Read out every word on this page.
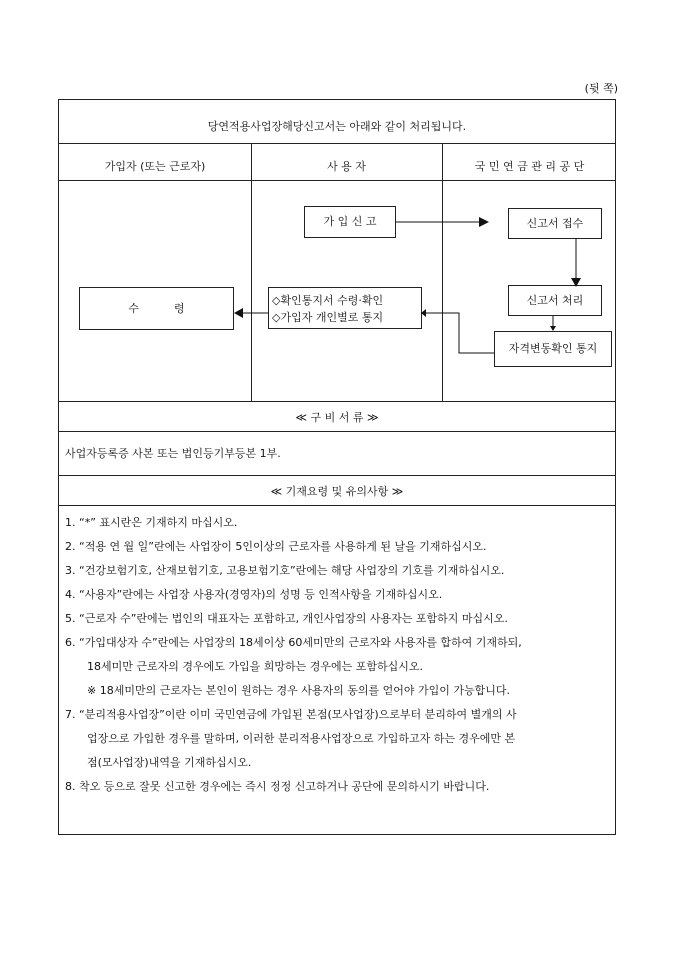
(뒷 쪽)
당연적용사업장해당신고서는 아래와 같이 처리됩니다.
가입자 (또는 근로자)	사 용 자	국 민 연 금 관 리 공 단
가 입 신 고	신고서 접수
신고서 처리
자격변동확인 통지
◇확인통지서 수령·확인
◇가입자 개인별로 통지
수          령
≪ 구 비 서 류 ≫
사업자등록증 사본 또는 법인등기부등본 1부.
≪ 기재요령 및 유의사항 ≫
1. “*” 표시란은 기재하지 마십시오.
2. “적용 연 월 일”란에는 사업장이 5인이상의 근로자를 사용하게 된 날을 기재하십시오.
3. “건강보험기호, 산재보험기호, 고용보험기호”란에는 해당 사업장의 기호를 기재하십시오.
4. “사용자”란에는 사업장 사용자(경영자)의 성명 등 인적사항을 기재하십시오.
5. “근로자 수”란에는 법인의 대표자는 포함하고, 개인사업장의 사용자는 포함하지 마십시오.
6. “가입대상자 수”란에는 사업장의 18세이상 60세미만의 근로자와 사용자를 합하여 기재하되,
18세미만 근로자의 경우에도 가입을 희망하는 경우에는 포함하십시오.
※ 18세미만의 근로자는 본인이 원하는 경우 사용자의 동의를 얻어야 가입이 가능합니다.
7. “분리적용사업장”이란 이미 국민연금에 가입된 본점(모사업장)으로부터 분리하여 별개의 사
업장으로 가입한 경우를 말하며, 이러한 분리적용사업장으로 가입하고자 하는 경우에만 본
점(모사업장)내역을 기재하십시오.
8. 착오 등으로 잘못 신고한 경우에는 즉시 정정 신고하거나 공단에 문의하시기 바랍니다.
